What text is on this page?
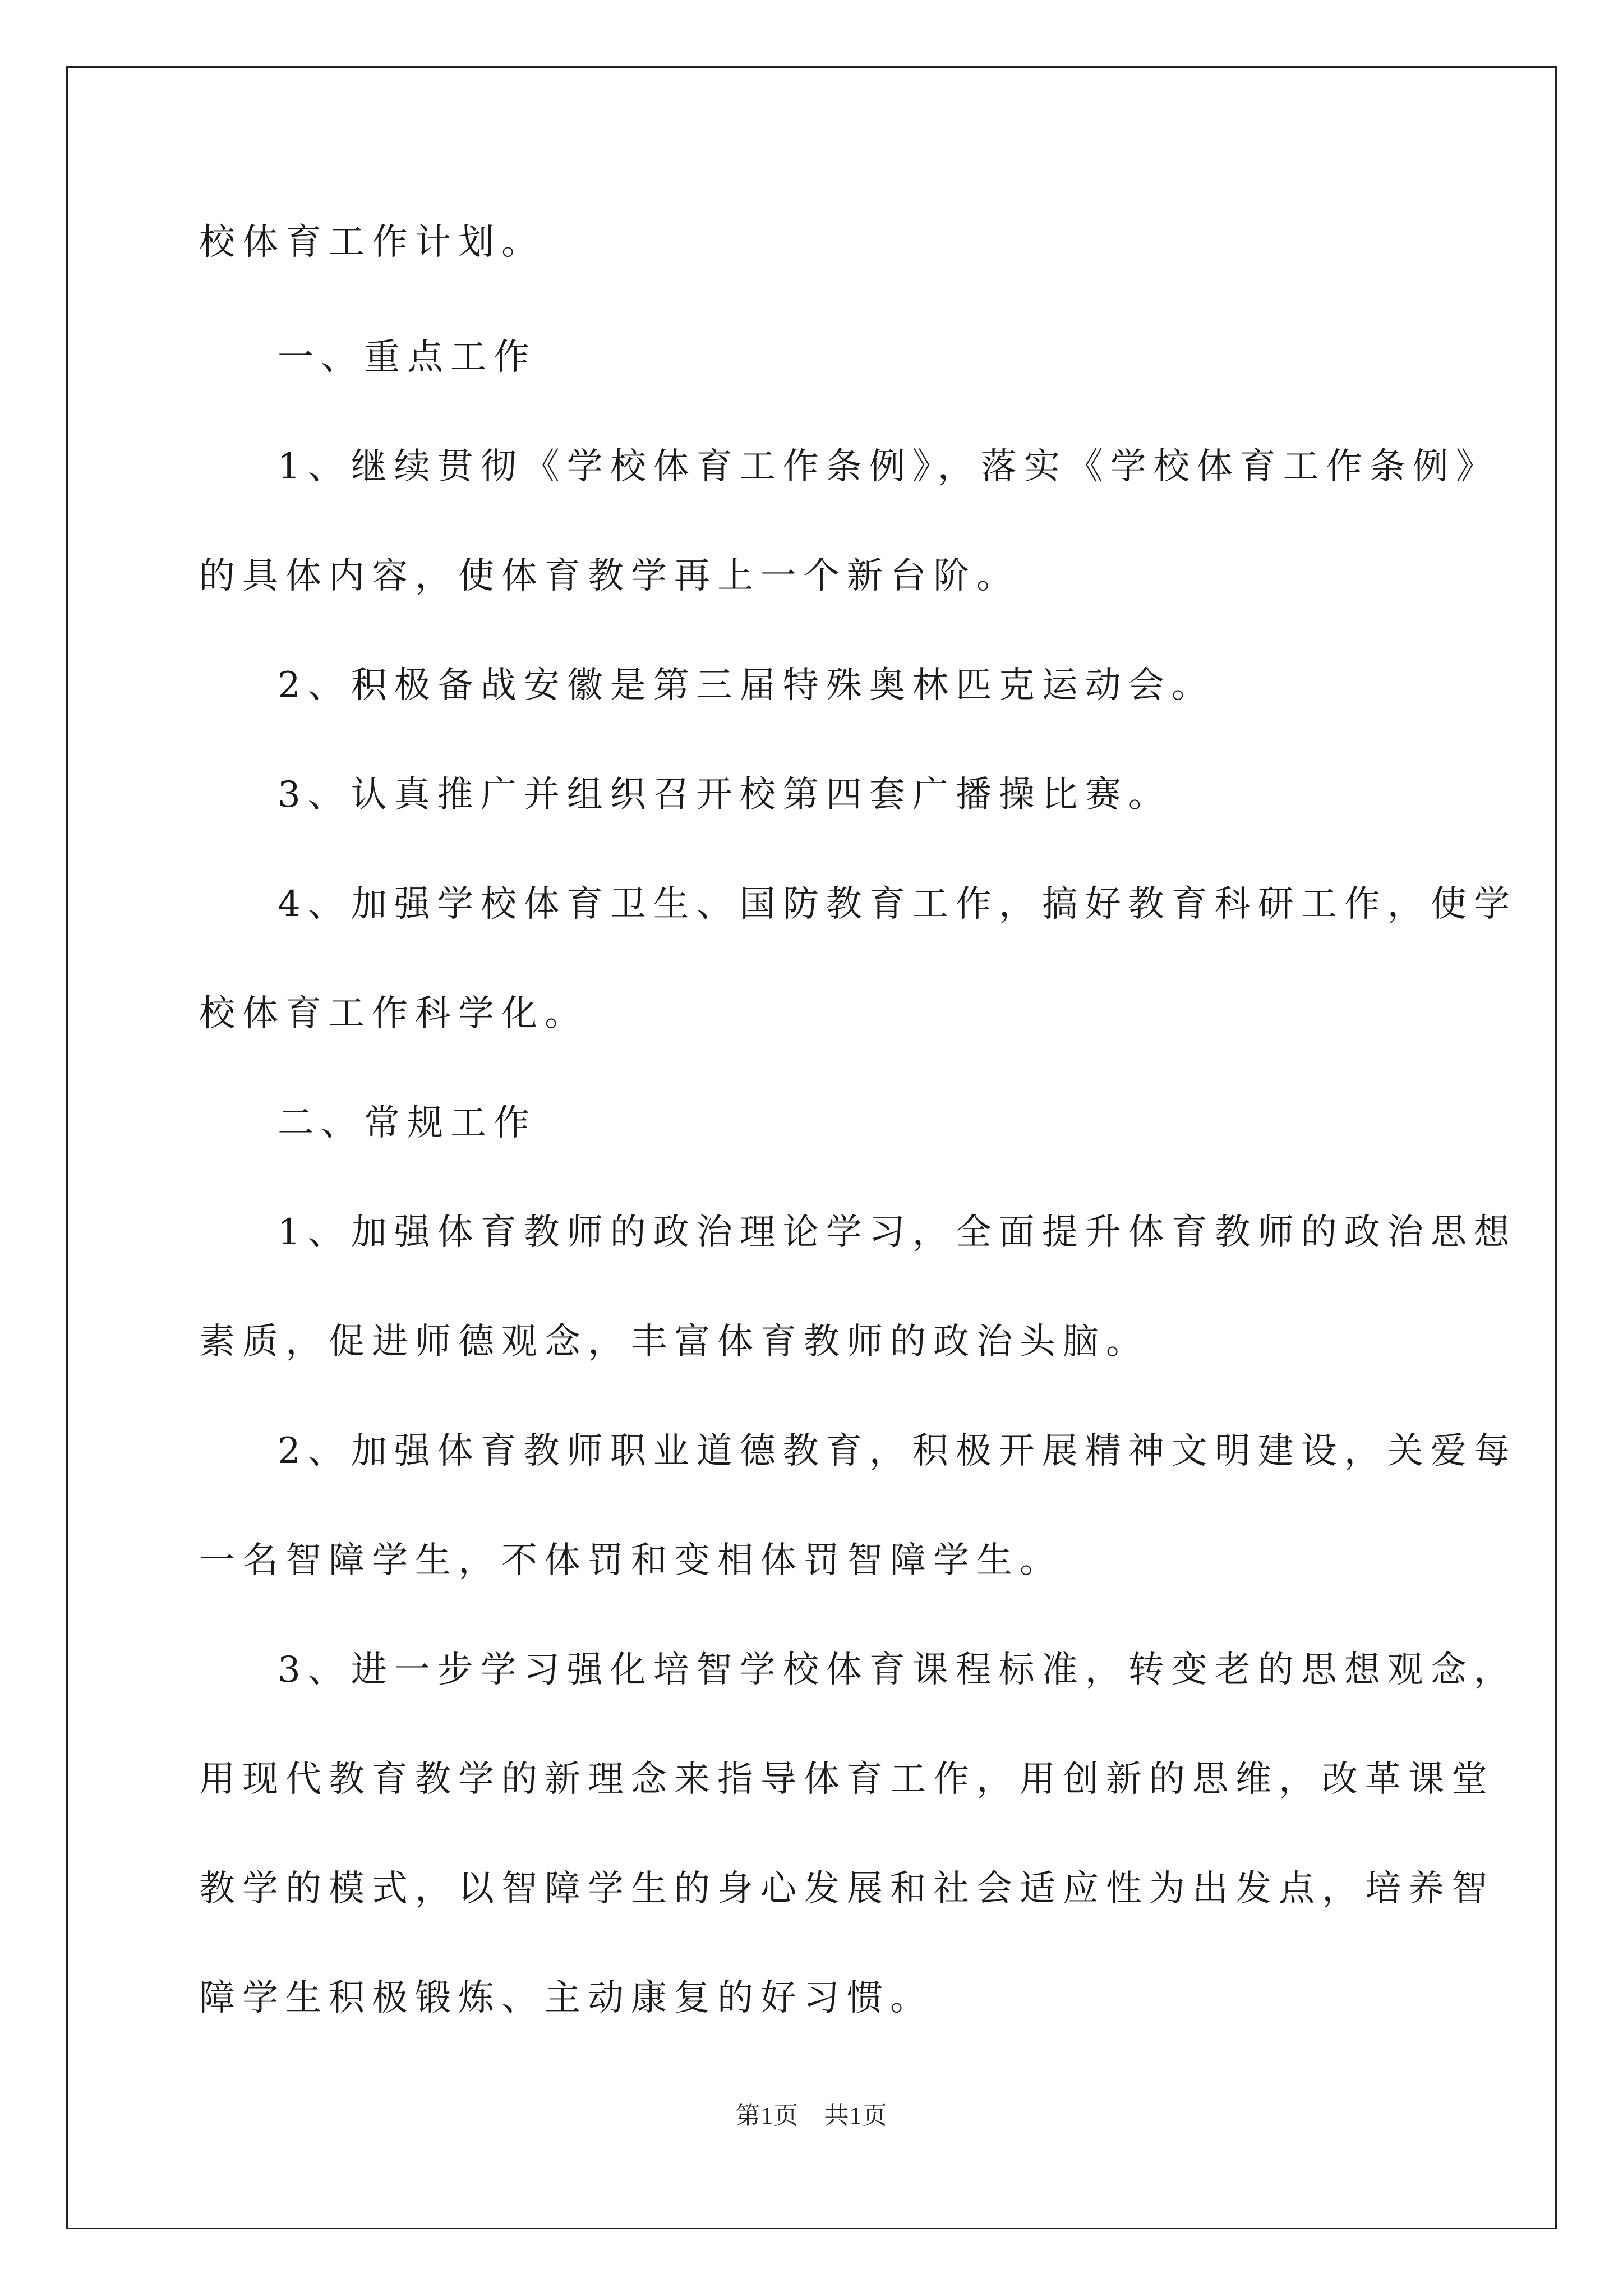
校体育工作计划。
一、重点工作
1、继续贯彻《学校体育工作条例》，落实《学校体育工作条例》
的具体内容，使体育教学再上一个新台阶。
2、积极备战安徽是第三届特殊奥林匹克运动会。
3、认真推广并组织召开校第四套广播操比赛。
4、加强学校体育卫生、国防教育工作，搞好教育科研工作，使学
校体育工作科学化。
二、常规工作
1、加强体育教师的政治理论学习，全面提升体育教师的政治思想
素质，促进师德观念，丰富体育教师的政治头脑。
2、加强体育教师职业道德教育，积极开展精神文明建设，关爱每
一名智障学生，不体罚和变相体罚智障学生。
3、进一步学习强化培智学校体育课程标准，转变老的思想观念，
用现代教育教学的新理念来指导体育工作，用创新的思维，改革课堂
教学的模式，以智障学生的身心发展和社会适应性为出发点，培养智
障学生积极锻炼、主动康复的好习惯。
第1页　共1页
